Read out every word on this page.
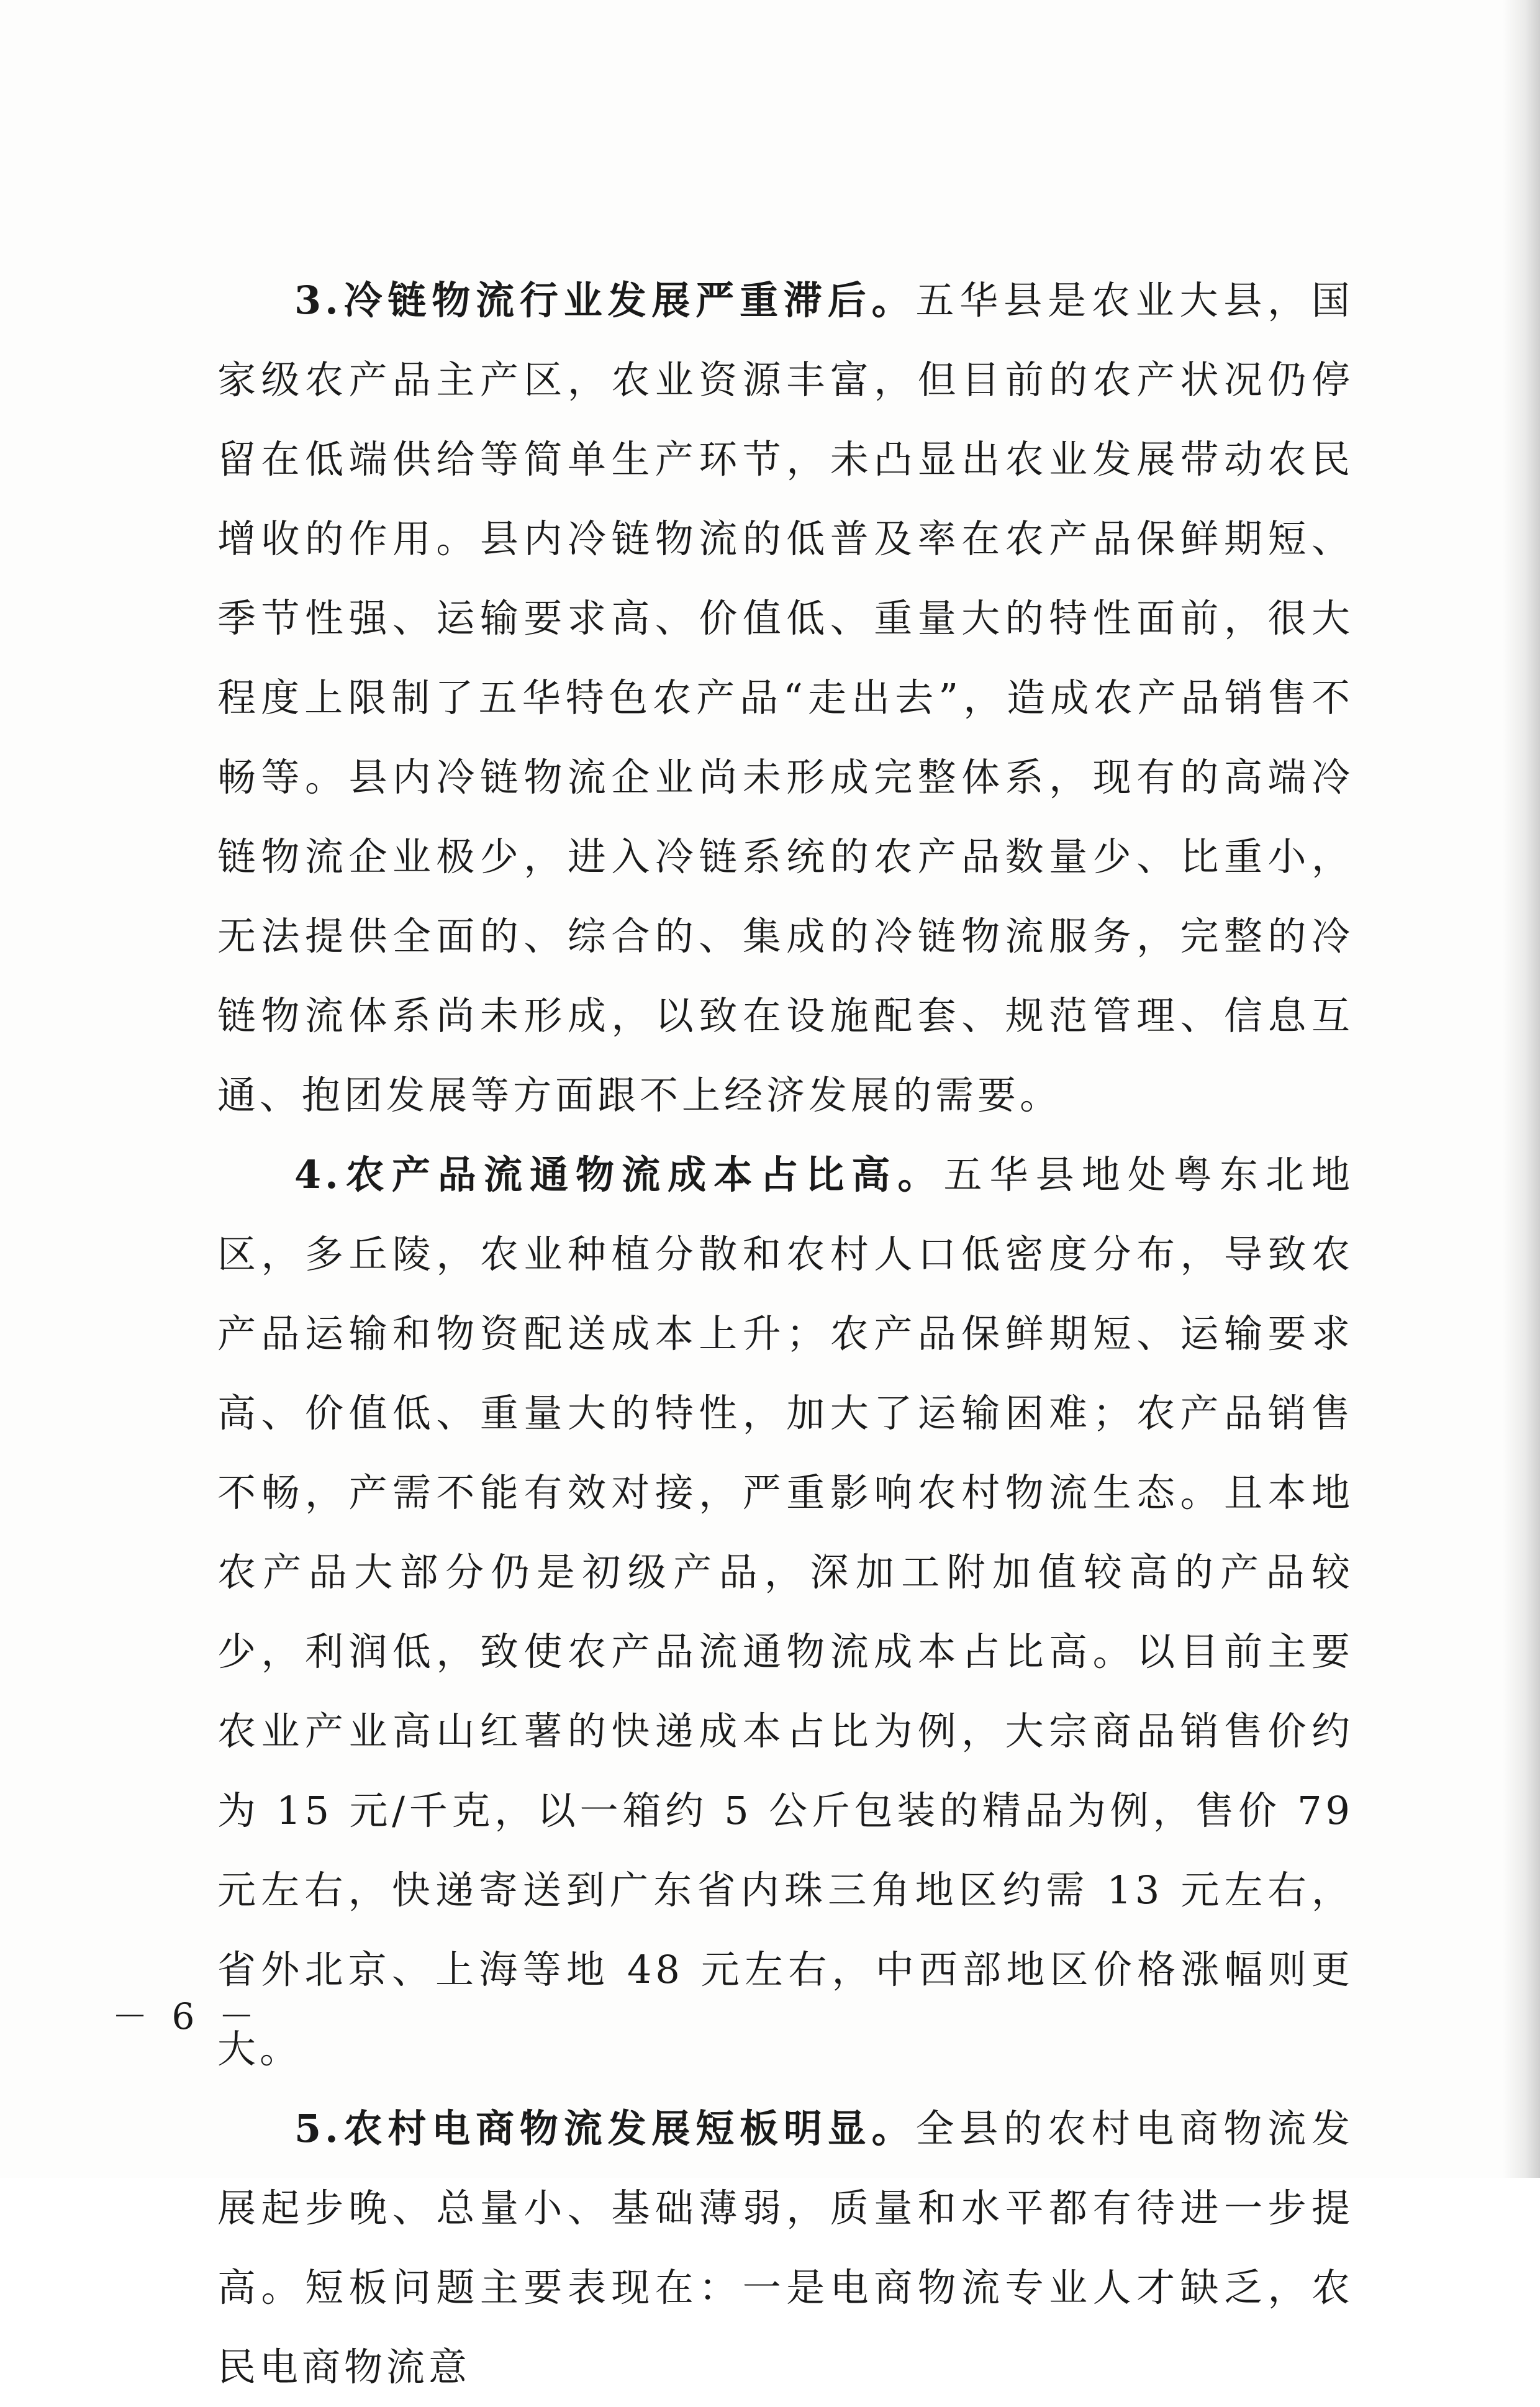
3.冷链物流行业发展严重滞后。五华县是农业大县，国家级农产品主产区，农业资源丰富，但目前的农产状况仍停留在低端供给等简单生产环节，未凸显出农业发展带动农民增收的作用。县内冷链物流的低普及率在农产品保鲜期短、季节性强、运输要求高、价值低、重量大的特性面前，很大程度上限制了五华特色农产品“走出去”，造成农产品销售不畅等。县内冷链物流企业尚未形成完整体系，现有的高端冷链物流企业极少，进入冷链系统的农产品数量少、比重小，无法提供全面的、综合的、集成的冷链物流服务，完整的冷链物流体系尚未形成，以致在设施配套、规范管理、信息互通、抱团发展等方面跟不上经济发展的需要。

4.农产品流通物流成本占比高。五华县地处粤东北地区，多丘陵，农业种植分散和农村人口低密度分布，导致农产品运输和物资配送成本上升；农产品保鲜期短、运输要求高、价值低、重量大的特性，加大了运输困难；农产品销售不畅，产需不能有效对接，严重影响农村物流生态。且本地农产品大部分仍是初级产品，深加工附加值较高的产品较少，利润低，致使农产品流通物流成本占比高。以目前主要农业产业高山红薯的快递成本占比为例，大宗商品销售价约为 15 元/千克，以一箱约 5 公斤包装的精品为例，售价 79 元左右，快递寄送到广东省内珠三角地区约需 13 元左右，省外北京、上海等地 48 元左右，中西部地区价格涨幅则更大。

5.农村电商物流发展短板明显。全县的农村电商物流发展起步晚、总量小、基础薄弱，质量和水平都有待进一步提高。短板问题主要表现在：一是电商物流专业人才缺乏，农民电商物流意

－ 6 －
